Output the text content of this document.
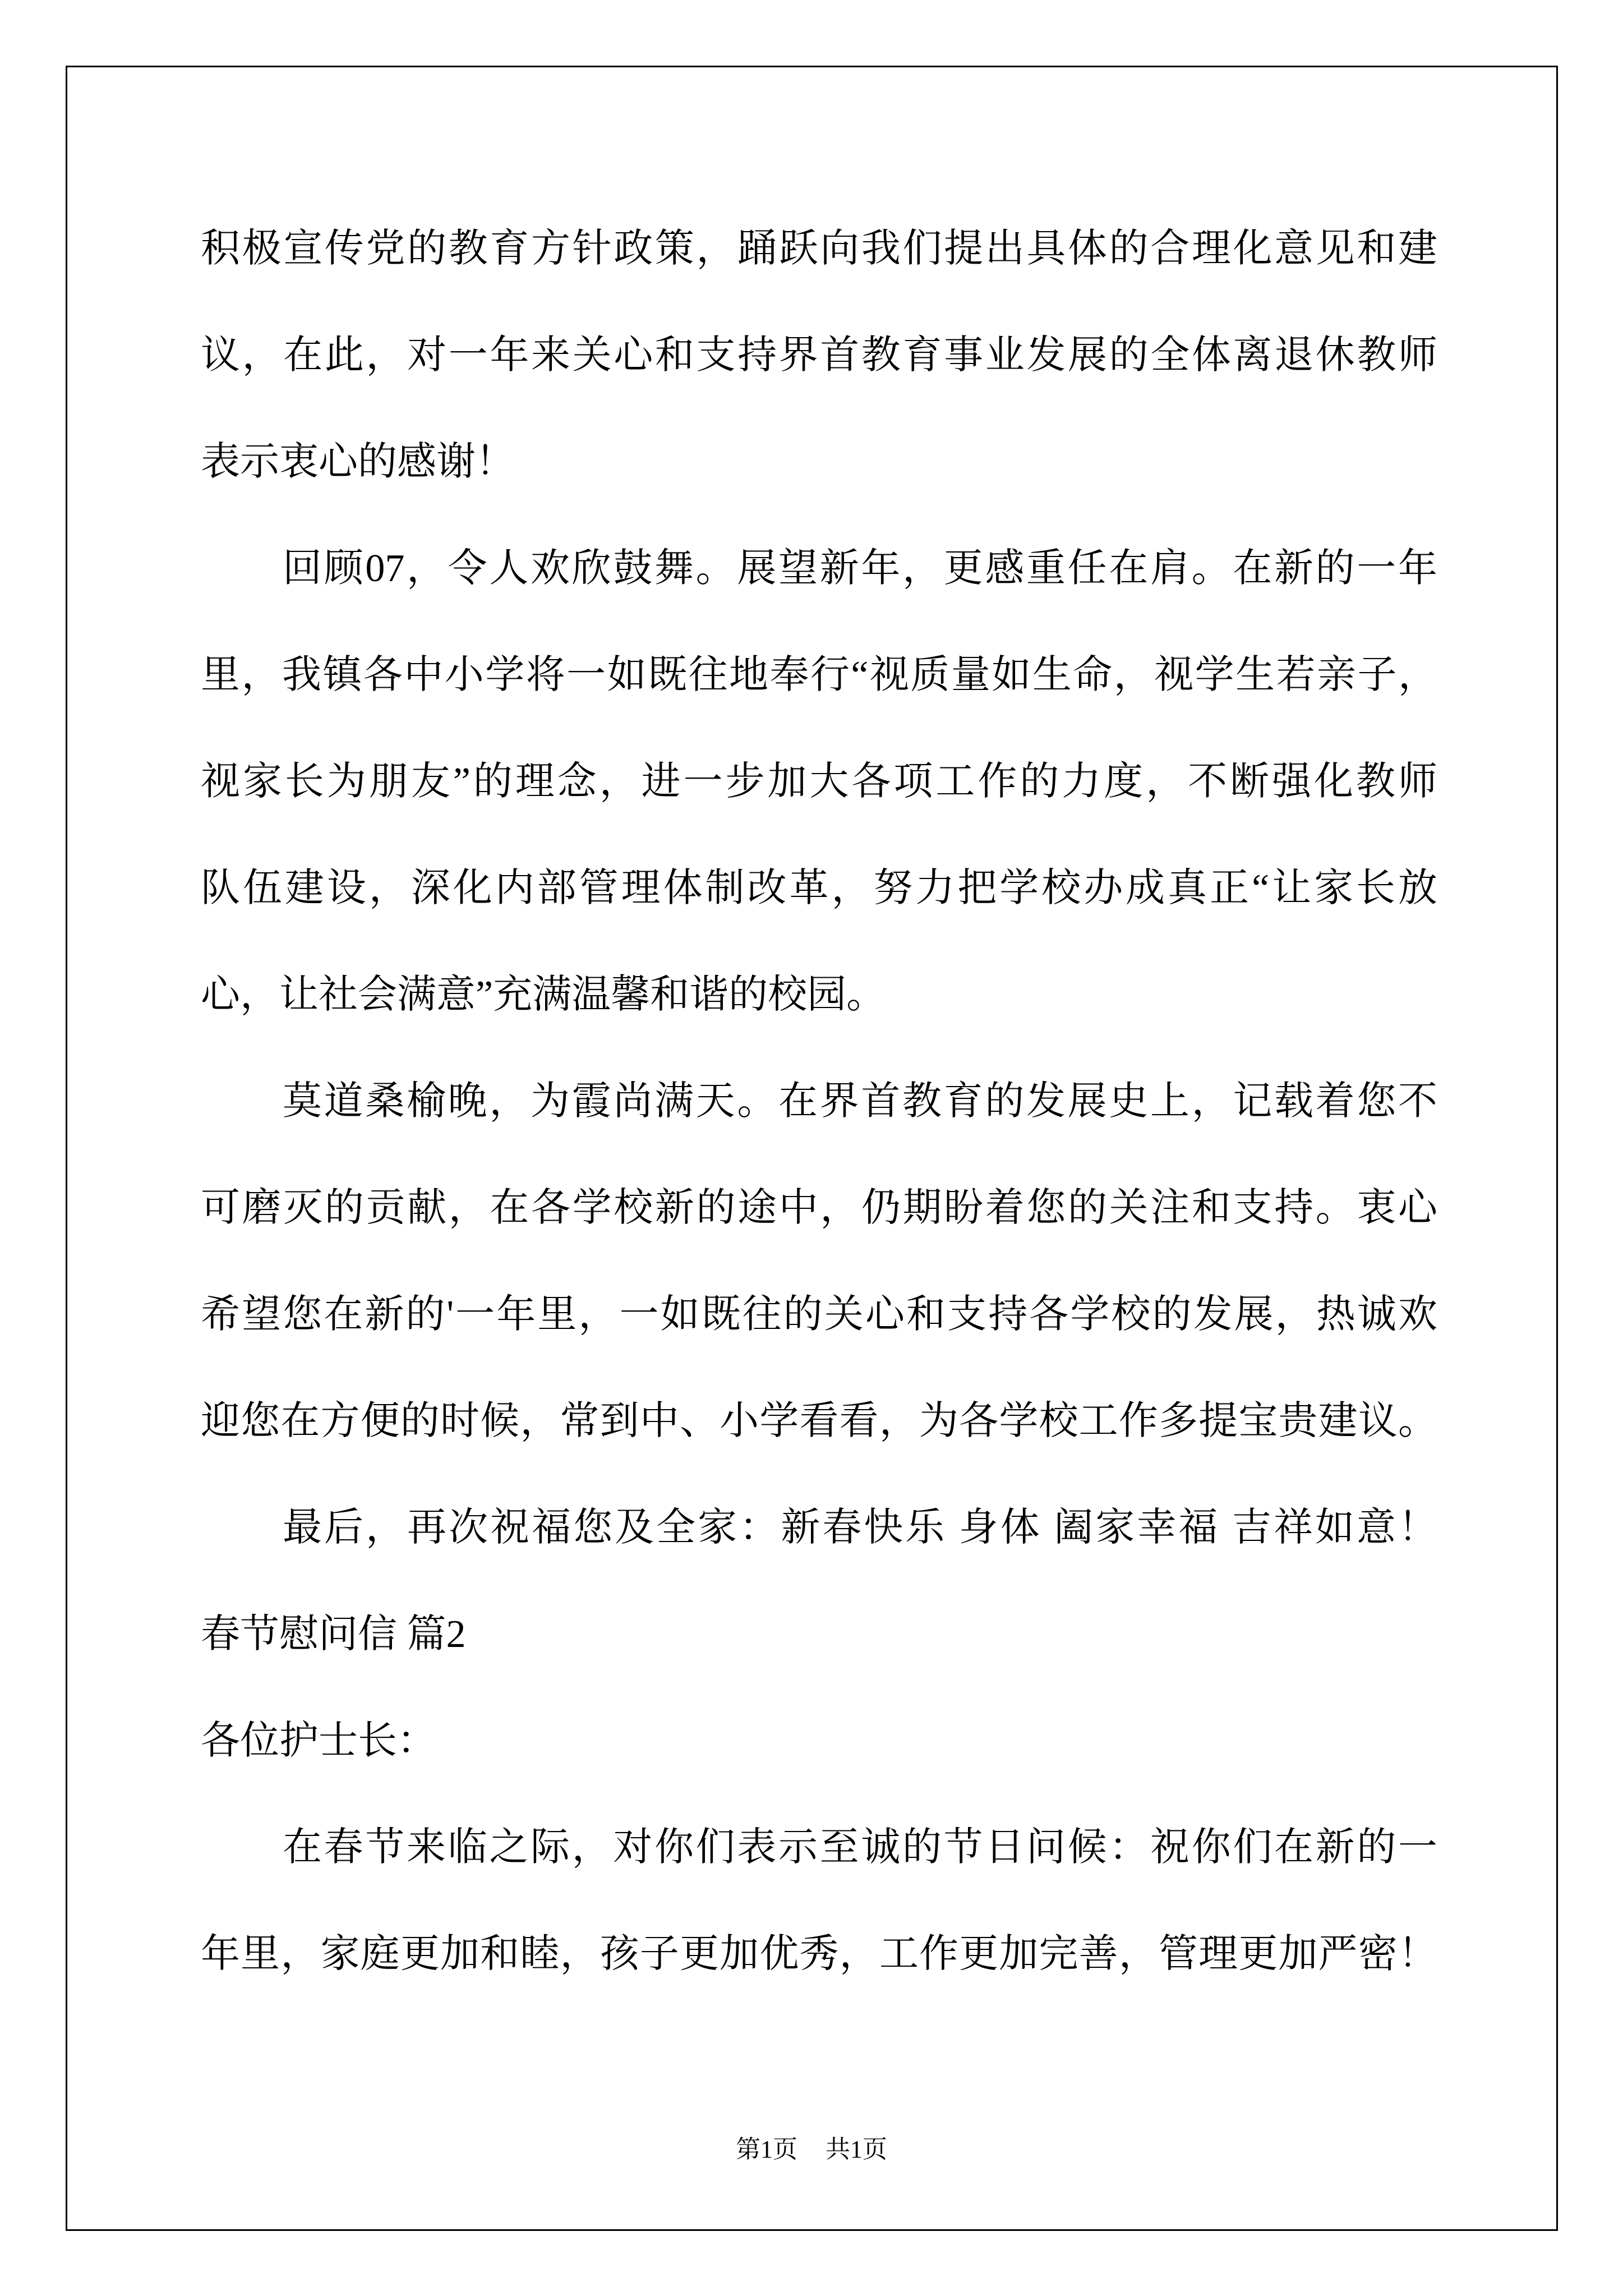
积极宣传党的教育方针政策，踊跃向我们提出具体的合理化意见和建
议，在此，对一年来关心和支持界首教育事业发展的全体离退休教师
表示衷心的感谢！
回顾07，令人欢欣鼓舞。展望新年，更感重任在肩。在新的一年
里，我镇各中小学将一如既往地奉行“视质量如生命，视学生若亲子，
视家长为朋友”的理念，进一步加大各项工作的力度，不断强化教师
队伍建设，深化内部管理体制改革，努力把学校办成真正“让家长放
心，让社会满意”充满温馨和谐的校园。
莫道桑榆晚，为霞尚满天。在界首教育的发展史上，记载着您不
可磨灭的贡献，在各学校新的途中，仍期盼着您的关注和支持。衷心
希望您在新的'一年里，一如既往的关心和支持各学校的发展，热诚欢
迎您在方便的时候，常到中、小学看看，为各学校工作多提宝贵建议。
最后，再次祝福您及全家：新春快乐 身体 阖家幸福 吉祥如意！
春节慰问信 篇2
各位护士长：
在春节来临之际，对你们表示至诚的节日问候：祝你们在新的一
年里，家庭更加和睦，孩子更加优秀，工作更加完善，管理更加严密！
第1页 共1页
